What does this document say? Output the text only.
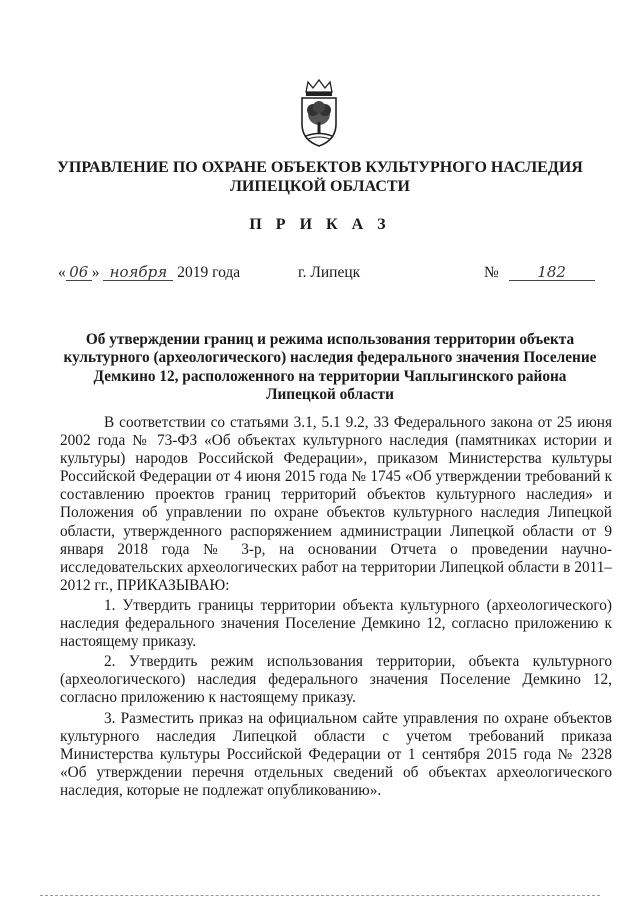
УПРАВЛЕНИЕ ПО ОХРАНЕ ОБЪЕКТОВ КУЛЬТУРНОГО НАСЛЕДИЯ
ЛИПЕЦКОЙ ОБЛАСТИ
П Р И К А З
« 06 » ноября 2019 года	г. Липецк	№	182
Об утверждении границ и режима использования территории объекта
культурного (археологического) наследия федерального значения Поселение
Демкино 12, расположенного на территории Чаплыгинского района
Липецкой области

В соответствии со статьями 3.1, 5.1 9.2, 33 Федерального закона от 25 июня 2002 года № 73-ФЗ «Об объектах культурного наследия (памятниках истории и культуры) народов Российской Федерации», приказом Министерства культуры Российской Федерации от 4 июня 2015 года № 1745 «Об утверждении требований к составлению проектов границ территорий объектов культурного наследия» и Положения об управлении по охране объектов культурного наследия Липецкой области, утвержденного распоряжением администрации Липецкой области от 9 января 2018 года № 3-р, на основании Отчета о проведении научно-исследовательских археологических работ на территории Липецкой области в 2011–2012 гг., ПРИКАЗЫВАЮ:

1. Утвердить границы территории объекта культурного (археологического) наследия федерального значения Поселение Демкино 12, согласно приложению к настоящему приказу.

2. Утвердить режим использования территории, объекта культурного (археологического) наследия федерального значения Поселение Демкино 12, согласно приложению к настоящему приказу.

3. Разместить приказ на официальном сайте управления по охране объектов культурного наследия Липецкой области с учетом требований приказа Министерства культуры Российской Федерации от 1 сентября 2015 года № 2328 «Об утверждении перечня отдельных сведений об объектах археологического наследия, которые не подлежат опубликованию».
